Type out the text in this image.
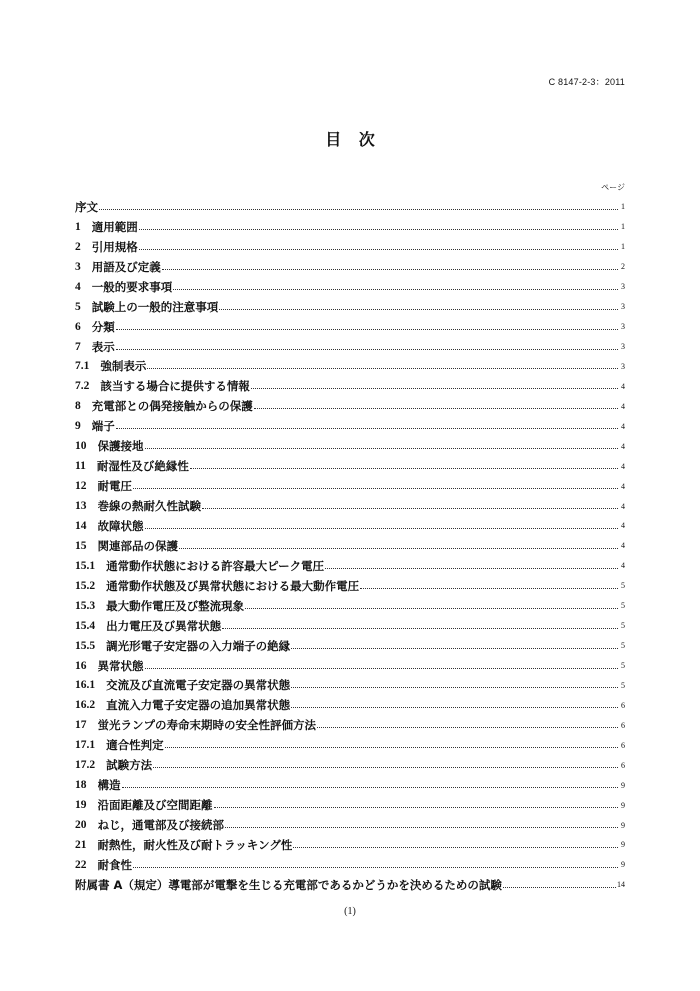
C 8147-2-3：2011
目 次
ページ
序文	1
1 適用範囲	1
2 引用規格	1
3 用語及び定義	2
4 一般的要求事項	3
5 試験上の一般的注意事項	3
6 分類	3
7 表示	3
7.1 強制表示	3
7.2 該当する場合に提供する情報	4
8 充電部との偶発接触からの保護	4
9 端子	4
10 保護接地	4
11 耐湿性及び絶縁性	4
12 耐電圧	4
13 巻線の熱耐久性試験	4
14 故障状態	4
15 関連部品の保護	4
15.1 通常動作状態における許容最大ピーク電圧	4
15.2 通常動作状態及び異常状態における最大動作電圧	5
15.3 最大動作電圧及び整流現象	5
15.4 出力電圧及び異常状態	5
15.5 調光形電子安定器の入力端子の絶縁	5
16 異常状態	5
16.1 交流及び直流電子安定器の異常状態	5
16.2 直流入力電子安定器の追加異常状態	6
17 蛍光ランプの寿命末期時の安全性評価方法	6
17.1 適合性判定	6
17.2 試験方法	6
18 構造	9
19 沿面距離及び空間距離	9
20 ねじ，通電部及び接続部	9
21 耐熱性，耐火性及び耐トラッキング性	9
22 耐食性	9
附属書 A（規定）導電部が電撃を生じる充電部であるかどうかを決めるための試験	14
(1)
